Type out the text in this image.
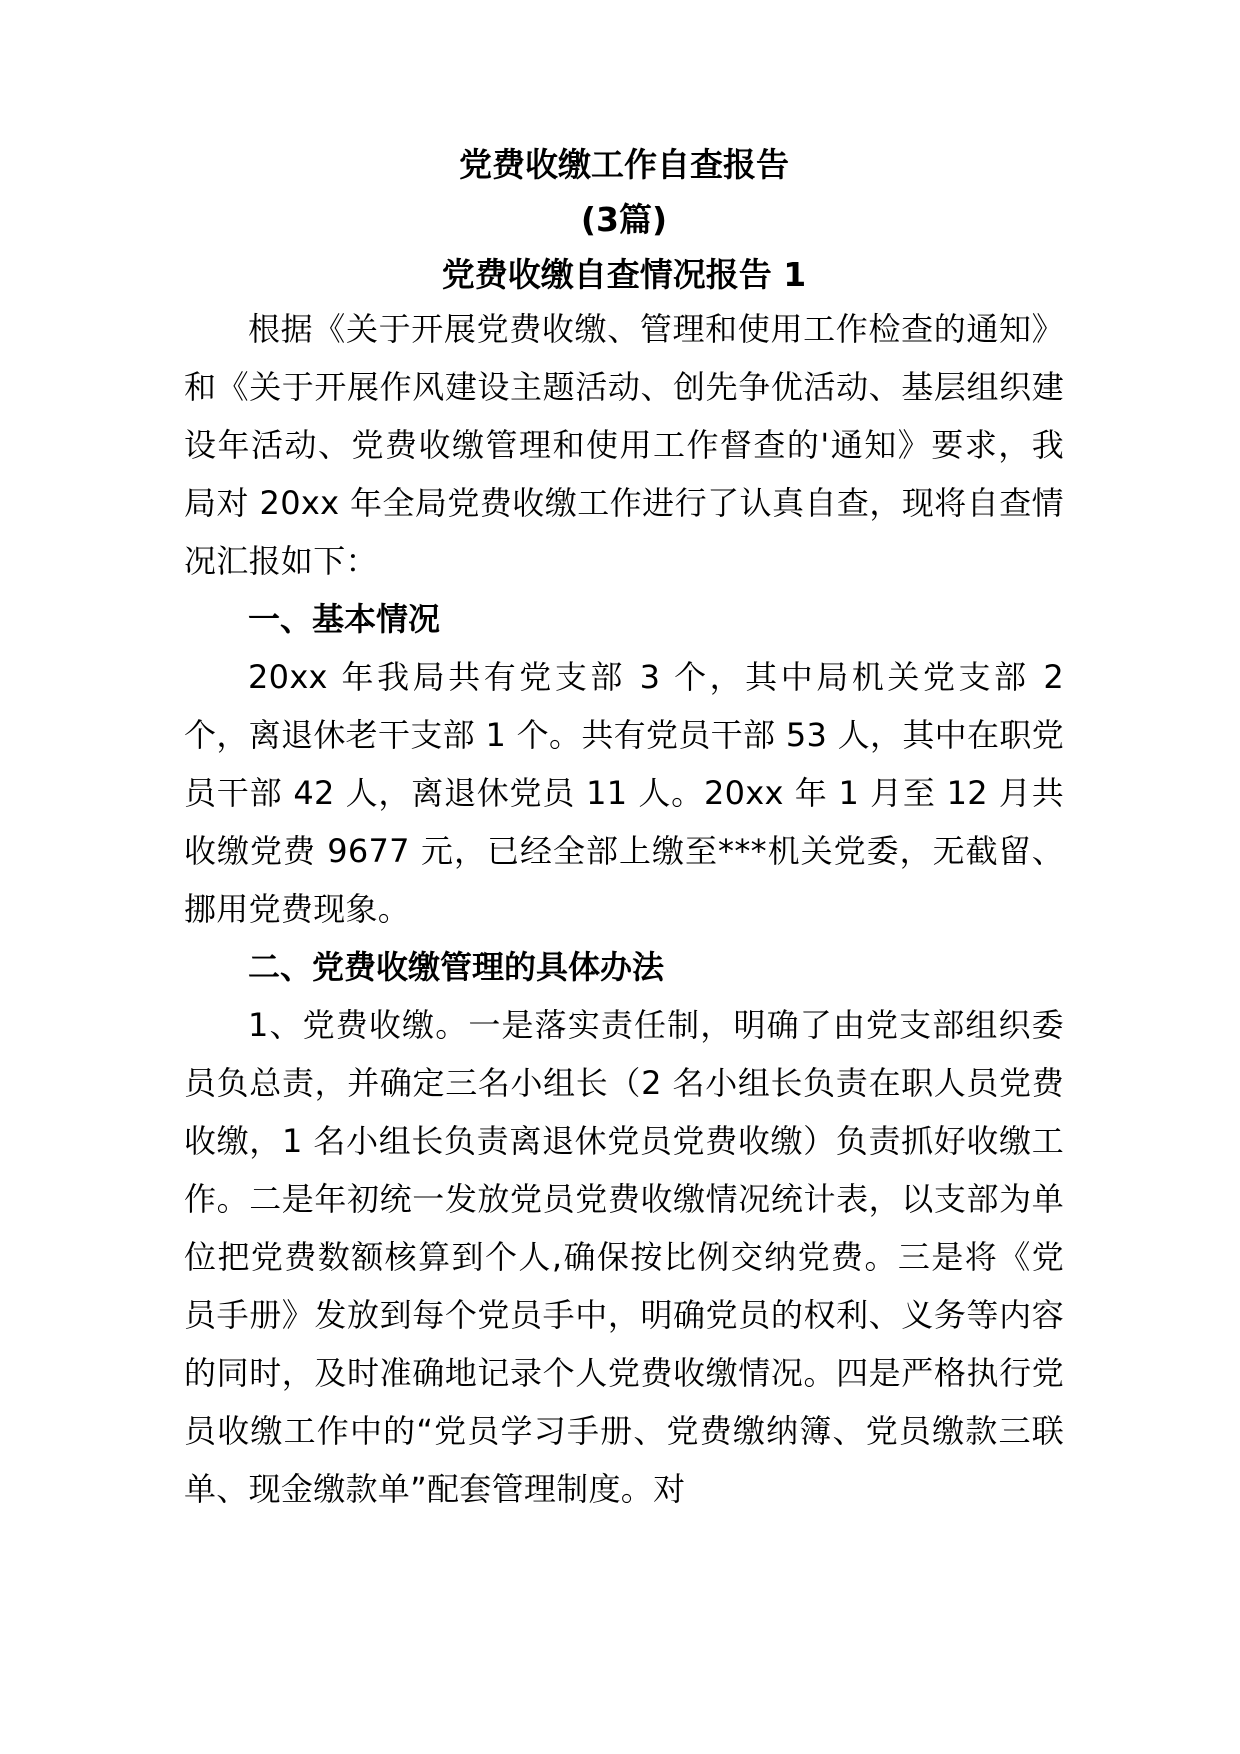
党费收缴工作自查报告
(3篇)
党费收缴自查情况报告 1

根据《关于开展党费收缴、管理和使用工作检查的通知》和《关于开展作风建设主题活动、创先争优活动、基层组织建设年活动、党费收缴管理和使用工作督查的'通知》要求，我局对 20xx 年全局党费收缴工作进行了认真自查，现将自查情况汇报如下：

一、基本情况

20xx 年我局共有党支部 3 个，其中局机关党支部 2 个，离退休老干支部 1 个。共有党员干部 53 人，其中在职党员干部 42 人，离退休党员 11 人。20xx 年 1 月至 12 月共收缴党费 9677 元，已经全部上缴至***机关党委，无截留、挪用党费现象。

二、党费收缴管理的具体办法

1、党费收缴。一是落实责任制，明确了由党支部组织委员负总责，并确定三名小组长（2 名小组长负责在职人员党费收缴，1 名小组长负责离退休党员党费收缴）负责抓好收缴工作。二是年初统一发放党员党费收缴情况统计表，以支部为单位把党费数额核算到个人,确保按比例交纳党费。三是将《党员手册》发放到每个党员手中，明确党员的权利、义务等内容的同时，及时准确地记录个人党费收缴情况。四是严格执行党员收缴工作中的“党员学习手册、党费缴纳簿、党员缴款三联单、现金缴款单”配套管理制度。对
